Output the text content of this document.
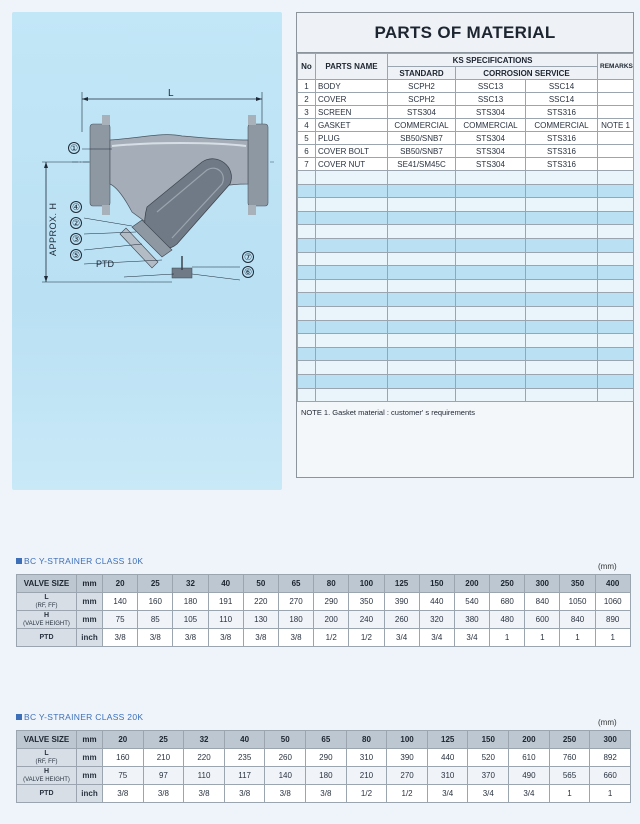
L
APPROX. H
①
④
②
③
⑤	⑦
⑥
PTD
PARTS OF MATERIAL
No	PARTS NAME	KS SPECIFICATIONS			REMARKS
		STANDARD	CORROSION SERVICE		
1	BODY	SCPH2	SSC13	SSC14	
2	COVER	SCPH2	SSC13	SSC14	
3	SCREEN	STS304	STS304	STS316	
4	GASKET	COMMERCIAL	COMMERCIAL	COMMERCIAL	NOTE 1
5	PLUG	SB50/SNB7	STS304	STS316	
6	COVER BOLT	SB50/SNB7	STS304	STS316	
7	COVER NUT	SE41/SM45C	STS304	STS316	

NOTE 1. Gasket material : customer' s requirements
BC Y-STRAINER CLASS 10K
(mm)
VALVE SIZE	mm	20	25	32	40	50	65	80	100	125	150	200	250	300	350	400

L
(RF, FF)	mm	140	160	180	191	220	270	290	350	390	440	540	680	840	1050	1060

H
(VALVE HEIGHT)	mm	75	85	105	110	130	180	200	240	260	320	380	480	600	840	890

PTD	inch	3/8	3/8	3/8	3/8	3/8	3/8	1/2	1/2	3/4	3/4	3/4	1	1	1	1
BC Y-STRAINER CLASS 20K
(mm)
VALVE SIZE	mm	20	25	32	40	50	65	80	100	125	150	200	250	300

L
(RF, FF)	mm	160	210	220	235	260	290	310	390	440	520	610	760	892

H
(VALVE HEIGHT)	mm	75	97	110	117	140	180	210	270	310	370	490	565	660

PTD	inch	3/8	3/8	3/8	3/8	3/8	3/8	1/2	1/2	3/4	3/4	3/4	1	1
